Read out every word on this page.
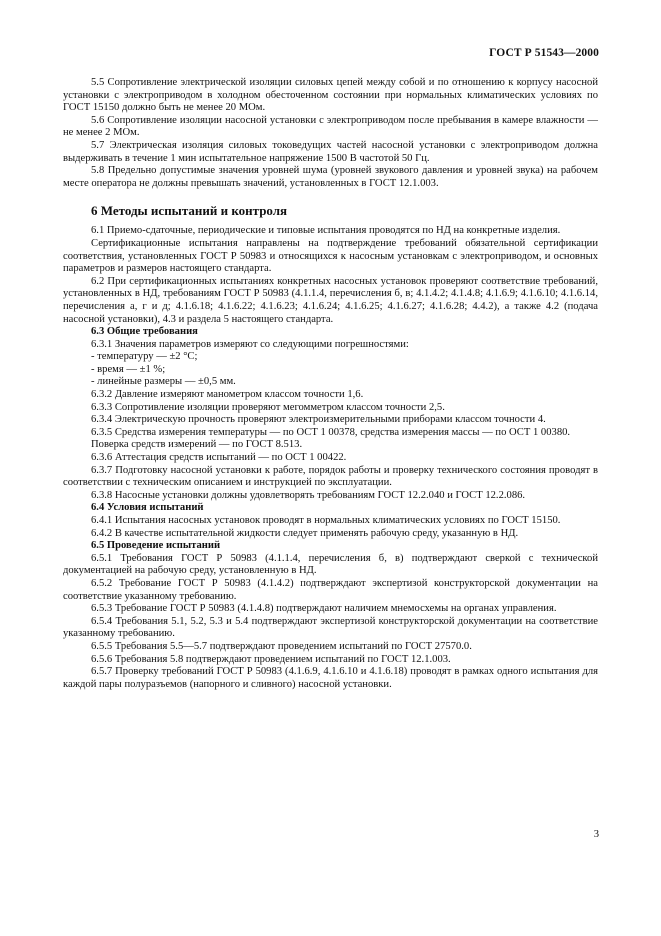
ГОСТ Р 51543—2000

5.5 Сопротивление электрической изоляции силовых цепей между собой и по отношению к корпусу насосной установки с электроприводом в холодном обесточенном состоянии при нормальных климатических условиях по ГОСТ 15150 должно быть не менее 20 МОм.

5.6 Сопротивление изоляции насосной установки с электроприводом после пребывания в камере влажности — не менее 2 МОм.

5.7 Электрическая изоляция силовых токоведущих частей насосной установки с электроприводом должна выдерживать в течение 1 мин испытательное напряжение 1500 В частотой 50 Гц.

5.8 Предельно допустимые значения уровней шума (уровней звукового давления и уровней звука) на рабочем месте оператора не должны превышать значений, установленных в ГОСТ 12.1.003.

6 Методы испытаний и контроля

6.1 Приемо-сдаточные, периодические и типовые испытания проводятся по НД на конкретные изделия.

Сертификационные испытания направлены на подтверждение требований обязательной сертификации соответствия, установленных ГОСТ Р 50983 и относящихся к насосным установкам с электроприводом, и основных параметров и размеров настоящего стандарта.

6.2 При сертификационных испытаниях конкретных насосных установок проверяют соответствие требований, установленных в НД, требованиям ГОСТ Р 50983 (4.1.1.4, перечисления б, в; 4.1.4.2; 4.1.4.8; 4.1.6.9; 4.1.6.10; 4.1.6.14, перечисления а, г и д; 4.1.6.18; 4.1.6.22; 4.1.6.23; 4.1.6.24; 4.1.6.25; 4.1.6.27; 4.1.6.28; 4.4.2), а также 4.2 (подача насосной установки), 4.3 и раздела 5 настоящего стандарта.

6.3 Общие требования

6.3.1 Значения параметров измеряют со следующими погрешностями:

- температуру — ±2 °С;

- время — ±1 %;

- линейные размеры — ±0,5 мм.

6.3.2 Давление измеряют манометром классом точности 1,6.

6.3.3 Сопротивление изоляции проверяют мегомметром классом точности 2,5.

6.3.4 Электрическую прочность проверяют электроизмерительными приборами классом точности 4.

6.3.5 Средства измерения температуры — по ОСТ 1 00378, средства измерения массы — по ОСТ 1 00380.

Поверка средств измерений — по ГОСТ 8.513.

6.3.6 Аттестация средств испытаний — по ОСТ 1 00422.

6.3.7 Подготовку насосной установки к работе, порядок работы и проверку технического состояния проводят в соответствии с техническим описанием и инструкцией по эксплуатации.

6.3.8 Насосные установки должны удовлетворять требованиям ГОСТ 12.2.040 и ГОСТ 12.2.086.

6.4 Условия испытаний

6.4.1 Испытания насосных установок проводят в нормальных климатических условиях по ГОСТ 15150.

6.4.2 В качестве испытательной жидкости следует применять рабочую среду, указанную в НД.

6.5 Проведение испытаний

6.5.1 Требования ГОСТ Р 50983 (4.1.1.4, перечисления б, в) подтверждают сверкой с технической документацией на рабочую среду, установленную в НД.

6.5.2 Требование ГОСТ Р 50983 (4.1.4.2) подтверждают экспертизой конструкторской документации на соответствие указанному требованию.

6.5.3 Требование ГОСТ Р 50983 (4.1.4.8) подтверждают наличием мнемосхемы на органах управления.

6.5.4 Требования 5.1, 5.2, 5.3 и 5.4 подтверждают экспертизой конструкторской документации на соответствие указанному требованию.

6.5.5 Требования 5.5—5.7 подтверждают проведением испытаний по ГОСТ 27570.0.

6.5.6 Требования 5.8 подтверждают проведением испытаний по ГОСТ 12.1.003.

6.5.7 Проверку требований ГОСТ Р 50983 (4.1.6.9, 4.1.6.10 и 4.1.6.18) проводят в рамках одного испытания для каждой пары полуразъемов (напорного и сливного) насосной установки.

3
